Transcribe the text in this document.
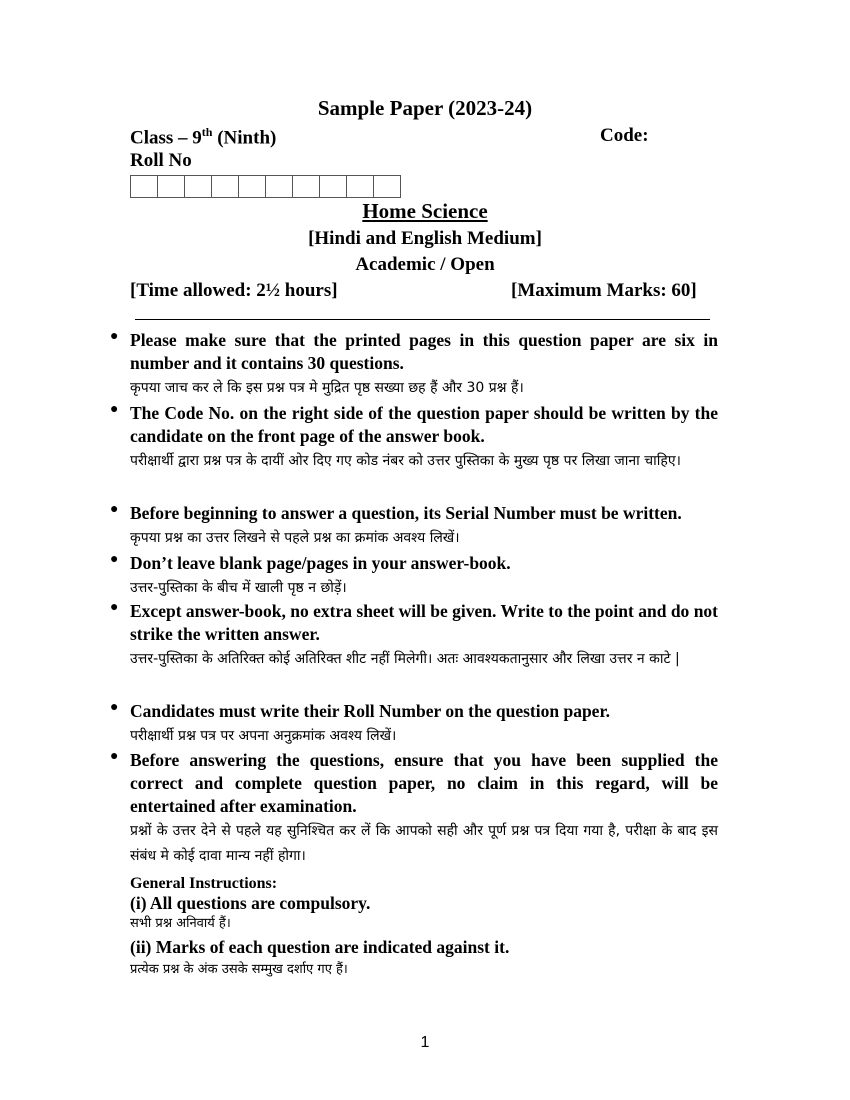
Sample Paper (2023-24)
Class – 9th (Ninth)	Code:
Roll No
Home Science
[Hindi and English Medium]
Academic / Open
[Time allowed: 2½ hours]	[Maximum Marks: 60]
● Please make sure that the printed pages in this question paper are six in number and it contains 30 questions.
कृपया जाच कर ले कि इस प्रश्न पत्र मे मुद्रित पृष्ठ सख्या छह हैं और 30 प्रश्न हैं।
● The Code No. on the right side of the question paper should be written by the candidate on the front page of the answer book.
परीक्षार्थी द्वारा प्रश्न पत्र के दायीं ओर दिए गए कोड नंबर को उत्तर पुस्तिका के मुख्य पृष्ठ पर लिखा जाना चाहिए।
● Before beginning to answer a question, its Serial Number must be written.
कृपया प्रश्न का उत्तर लिखने से पहले प्रश्न का क्रमांक अवश्य लिखें।
● Don’t leave blank page/pages in your answer-book.
उत्तर-पुस्तिका के बीच में खाली पृष्ठ न छोड़ें।
● Except answer-book, no extra sheet will be given. Write to the point and do not strike the written answer.
उत्तर-पुस्तिका के अतिरिक्त कोई अतिरिक्त शीट नहीं मिलेगी। अतः आवश्यकतानुसार और लिखा उत्तर न काटे |
● Candidates must write their Roll Number on the question paper.
परीक्षार्थी प्रश्न पत्र पर अपना अनुक्रमांक अवश्य लिखें।
● Before answering the questions, ensure that you have been supplied the correct and complete question paper, no claim in this regard, will be entertained after examination.
प्रश्नों के उत्तर देने से पहले यह सुनिश्चित कर लें कि आपको सही और पूर्ण प्रश्न पत्र दिया गया है, परीक्षा के बाद इस संबंध मे कोई दावा मान्य नहीं होगा।
General Instructions:
(i) All questions are compulsory.
सभी प्रश्न अनिवार्य हैं।
(ii) Marks of each question are indicated against it.
प्रत्येक प्रश्न के अंक उसके सम्मुख दर्शाए गए हैं।
1
